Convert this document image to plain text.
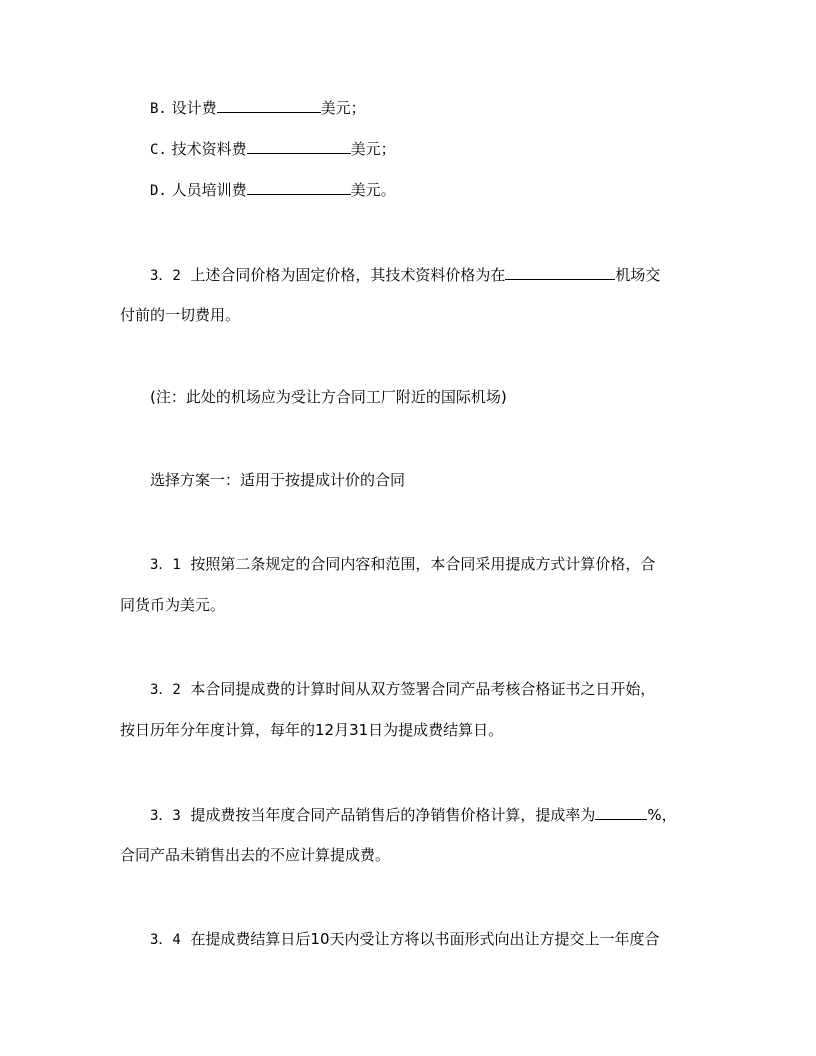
B. 设计费	美元；
C. 技术资料费	美元；
D. 人员培训费	美元。
3．2 上述合同价格为固定价格，其技术资料价格为在	机场交
付前的一切费用。
(注：此处的机场应为受让方合同工厂附近的国际机场)
选择方案一：适用于按提成计价的合同
3．1 按照第二条规定的合同内容和范围，本合同采用提成方式计算价格，合
同货币为美元。
3．2 本合同提成费的计算时间从双方签署合同产品考核合格证书之日开始，
按日历年分年度计算，每年的12月31日为提成费结算日。
3．3 提成费按当年度合同产品销售后的净销售价格计算，提成率为	%，
合同产品未销售出去的不应计算提成费。
3．4 在提成费结算日后10天内受让方将以书面形式向出让方提交上一年度合
